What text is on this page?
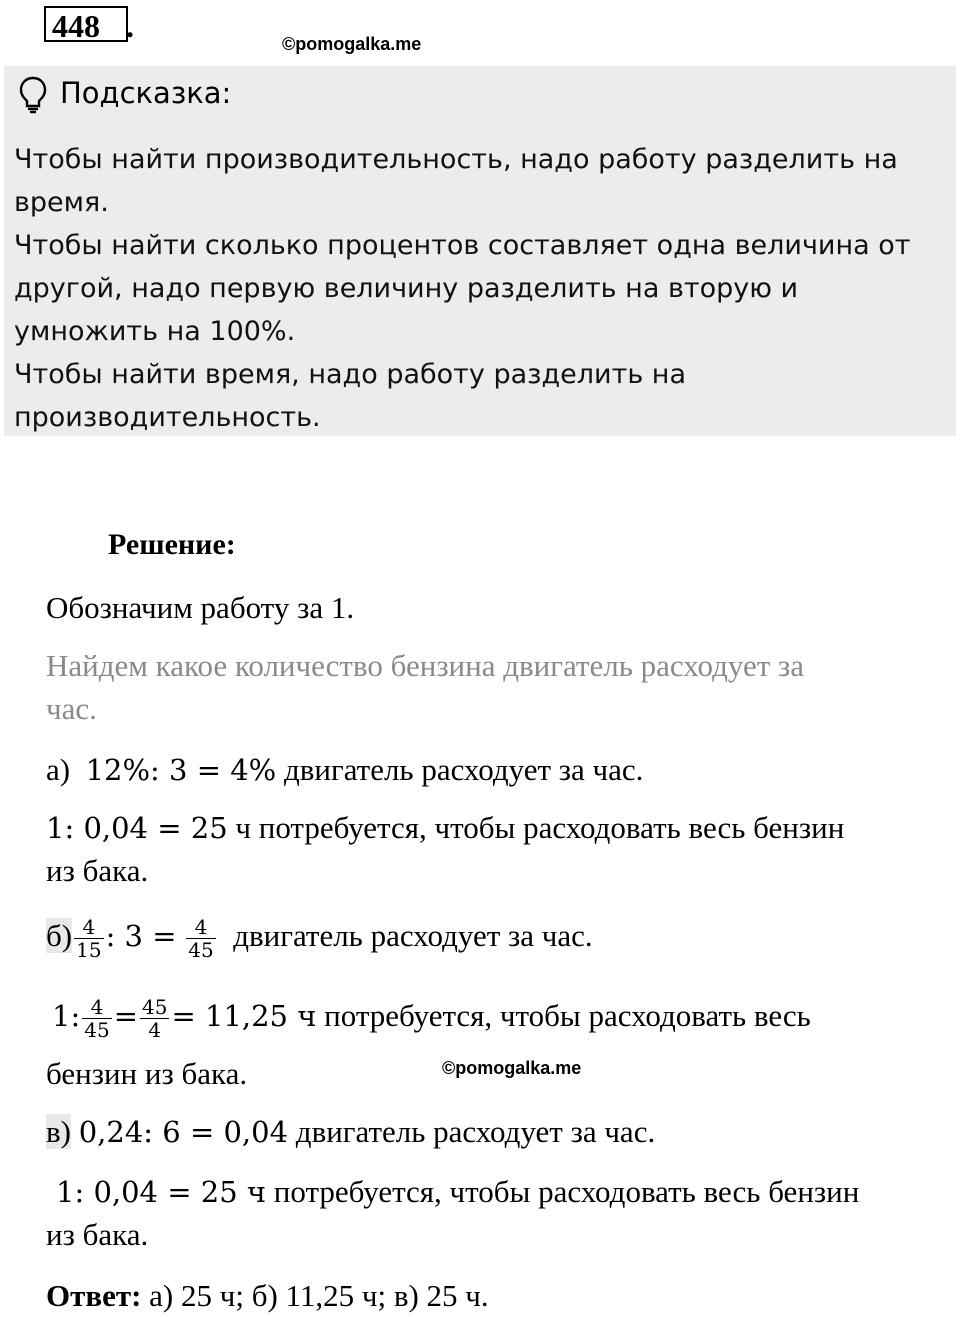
448 .	©pomogalka.me
Подсказка:

Чтобы найти производительность, надо работу разделить на

время.

Чтобы найти сколько процентов составляет одна величина от

другой, надо первую величину разделить на вторую и

умножить на 100%.

Чтобы найти время, надо работу разделить на

производительность.

Решение:
Обозначим работу за 1.
Найдем какое количество бензина двигатель расходует за
час.
а) 12%: 3 = 4% двигатель расходует за час.
1: 0,04 = 25 ч потребуется, чтобы расходовать весь бензин
из бака.
$б) \frac{4}{15}$ : $3 = \frac{4}{45}$ двигатель расходует за час.
1: $\frac{4}{45} = \frac{45}{4} = 11,25$ ч потребуется, чтобы расходовать весь
бензин из бака.	©pomogalka.me
в) 0,24: 6 = 0,04 двигатель расходует за час.
1: 0,04 = 25 ч потребуется, чтобы расходовать весь бензин
из бака.
Ответ: а) 25 ч; б) 11,25 ч; в) 25 ч.
